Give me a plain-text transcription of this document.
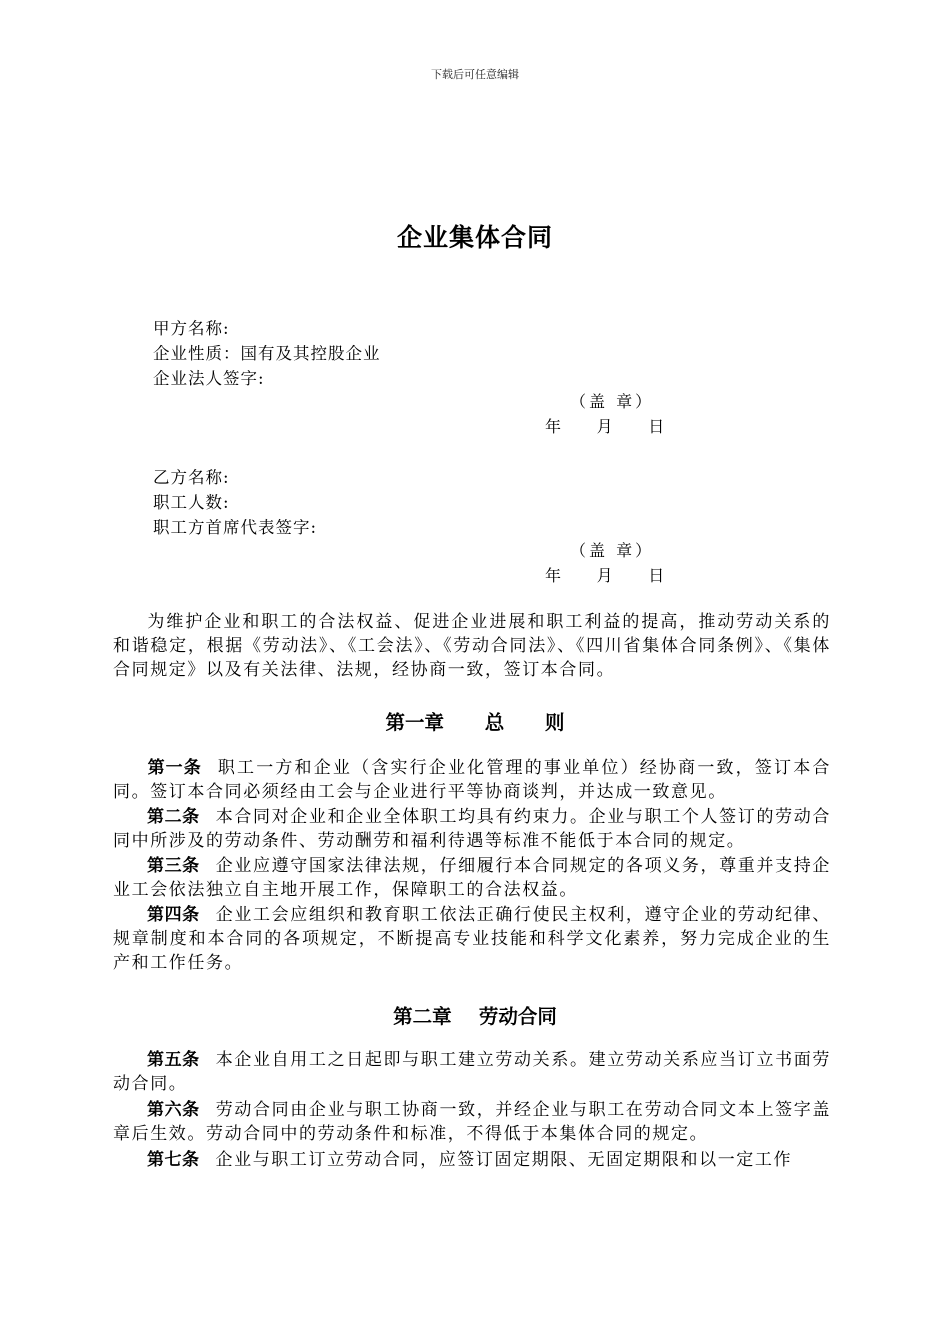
下载后可任意编辑
企业集体合同
甲方名称:
企业性质：国有及其控股企业
企业法人签字:
（盖 章）
年       月       日
乙方名称:
职工人数:
职工方首席代表签字:
（盖 章）
年       月       日
为维护企业和职工的合法权益、促进企业进展和职工利益的提高，推动劳动关系的和谐稳定，根据《劳动法》、《工会法》、《劳动合同法》、《四川省集体合同条例》、《集体合同规定》以及有关法律、法规，经协商一致，签订本合同。
第一章      总      则
第一条 职工一方和企业（含实行企业化管理的事业单位）经协商一致，签订本合同。签订本合同必须经由工会与企业进行平等协商谈判，并达成一致意见。
第二条 本合同对企业和企业全体职工均具有约束力。企业与职工个人签订的劳动合同中所涉及的劳动条件、劳动酬劳和福利待遇等标准不能低于本合同的规定。
第三条 企业应遵守国家法律法规，仔细履行本合同规定的各项义务，尊重并支持企业工会依法独立自主地开展工作，保障职工的合法权益。
第四条 企业工会应组织和教育职工依法正确行使民主权利，遵守企业的劳动纪律、规章制度和本合同的各项规定，不断提高专业技能和科学文化素养，努力完成企业的生产和工作任务。
第二章    劳动合同
第五条 本企业自用工之日起即与职工建立劳动关系。建立劳动关系应当订立书面劳动合同。
第六条 劳动合同由企业与职工协商一致，并经企业与职工在劳动合同文本上签字盖章后生效。劳动合同中的劳动条件和标准，不得低于本集体合同的规定。
第七条 企业与职工订立劳动合同，应签订固定期限、无固定期限和以一定工作
